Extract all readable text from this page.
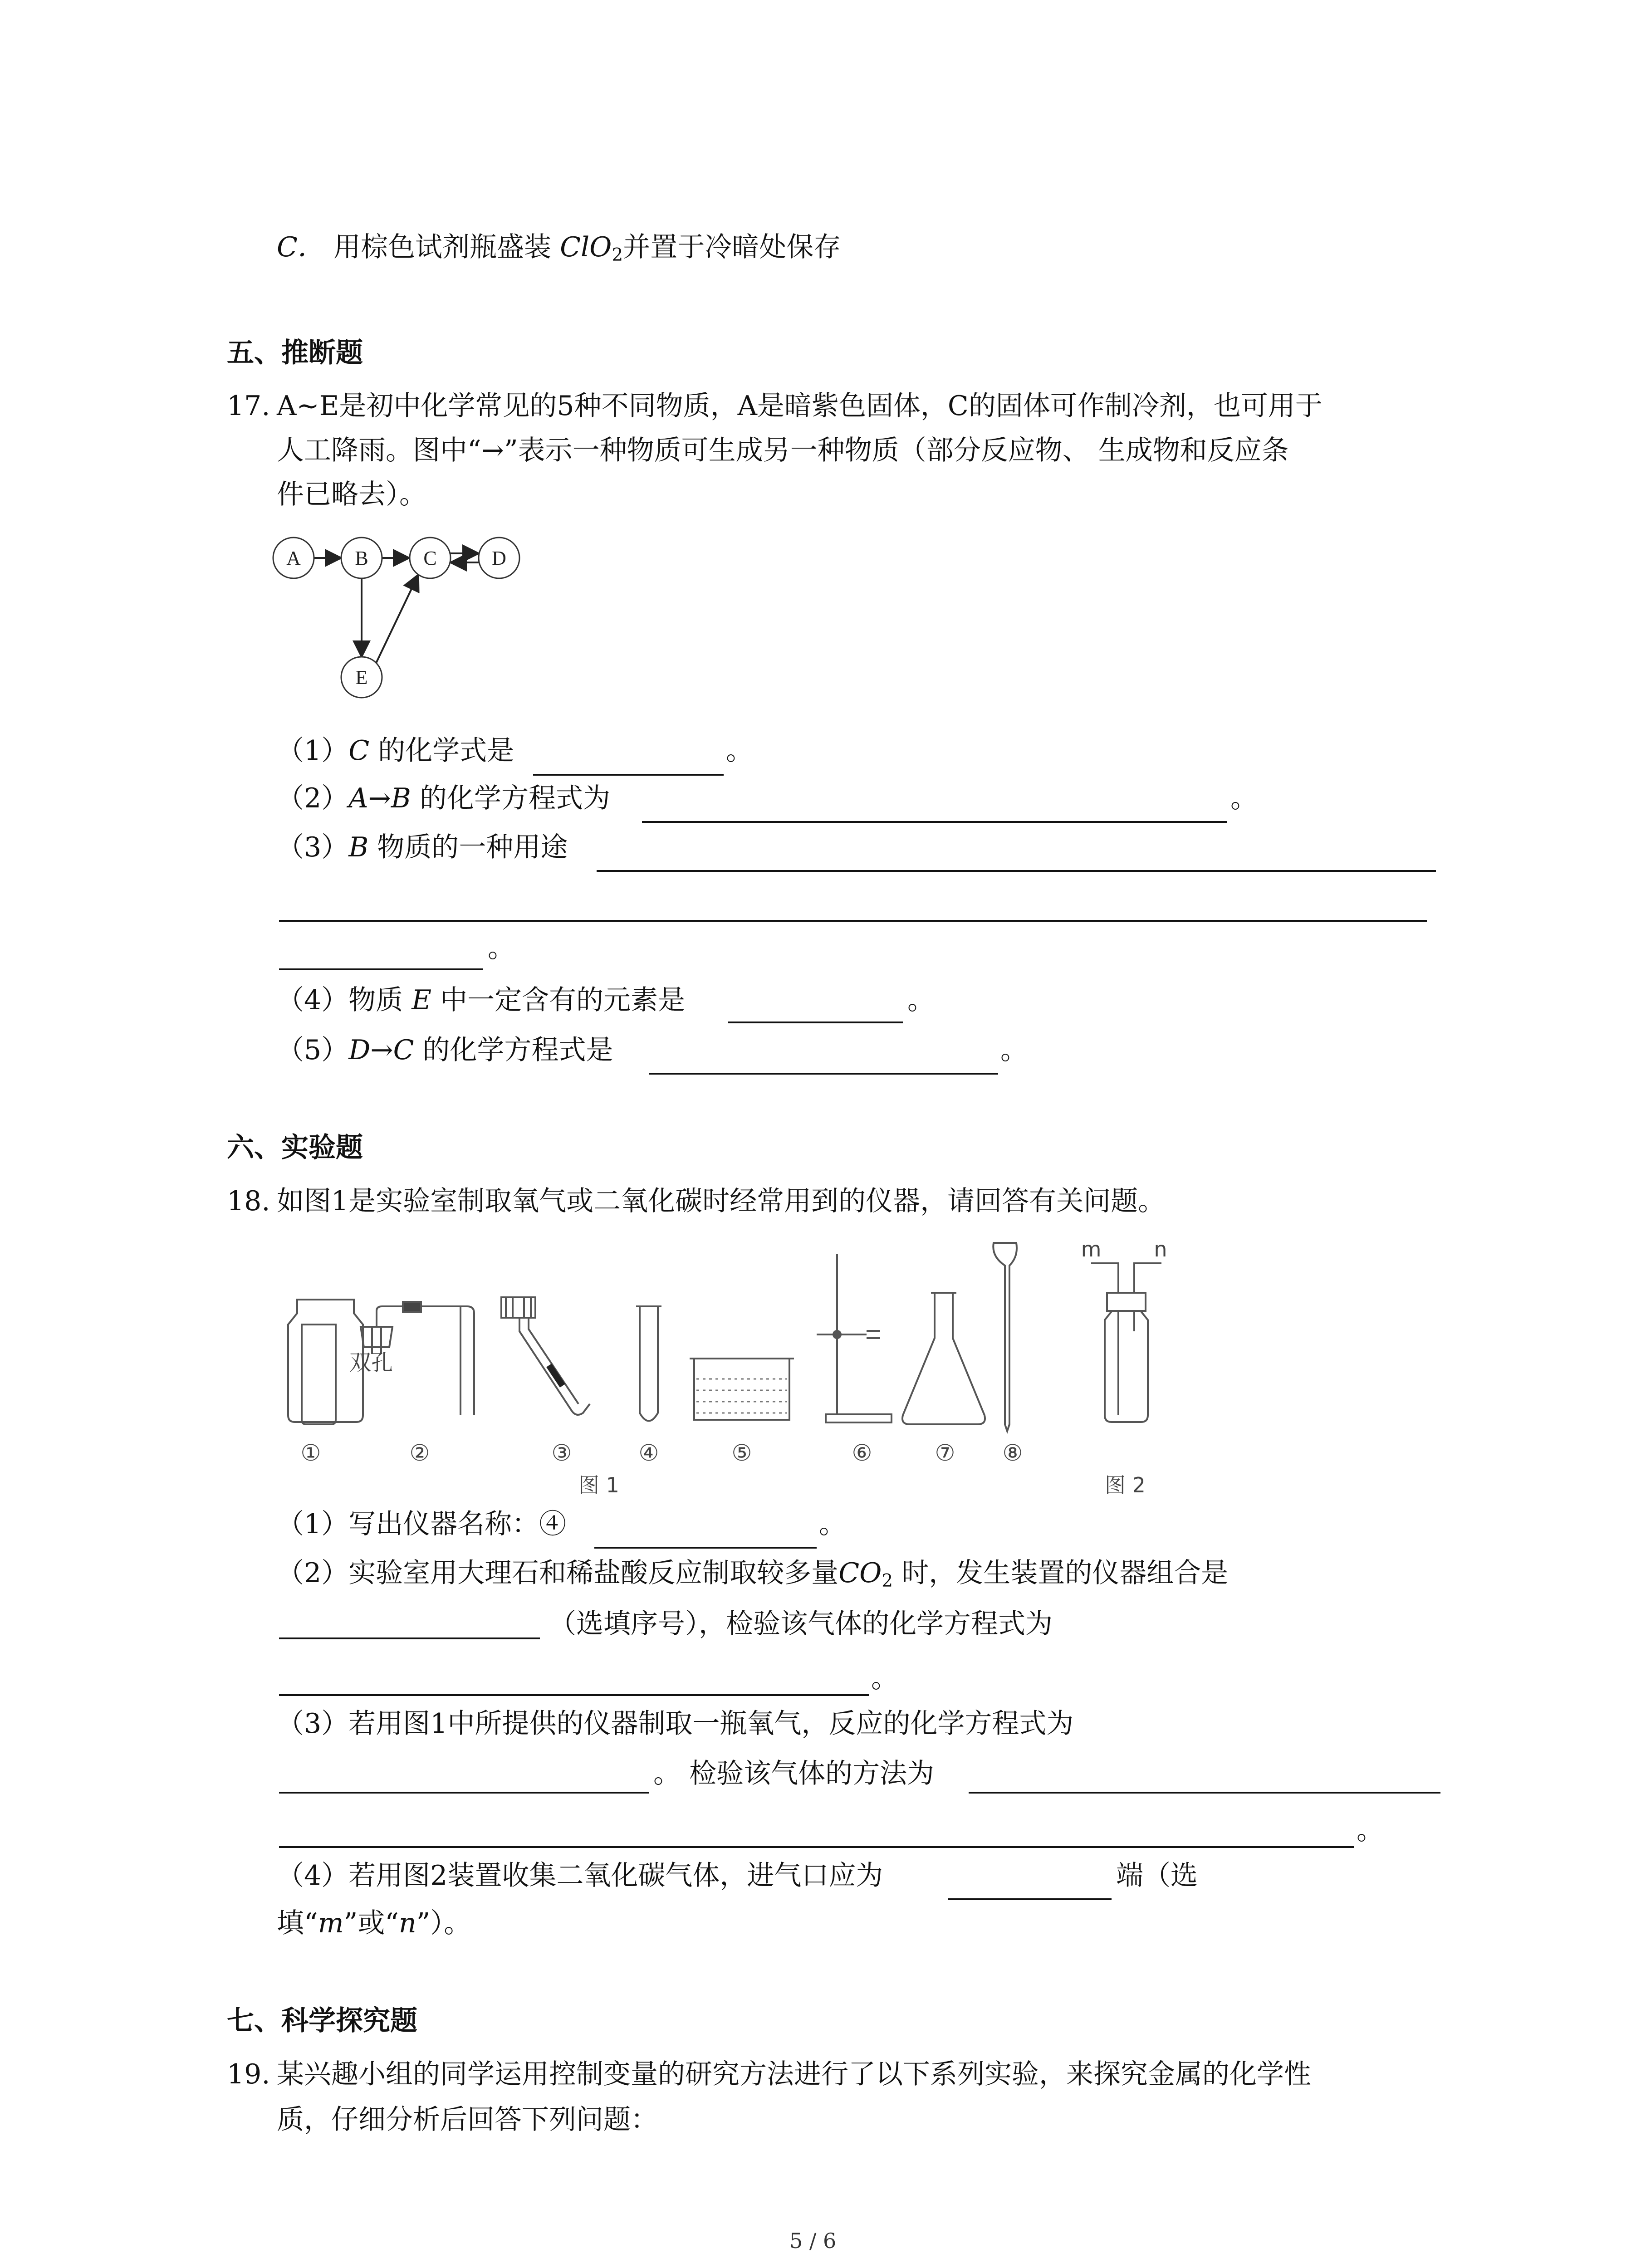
C． 用棕色试剂瓶盛装 ClO$_2$并置于冷暗处保存
五、推断题
17. A~E是初中化学常见的5种不同物质，A是暗紫色固体，C的固体可作制冷剂，也可用于
人工降雨。图中“→”表示一种物质可生成另一种物质（部分反应物、 生成物和反应条
件已略去）。
A	B	C	D
E
（1）C 的化学式是	。
（2）A→B 的化学方程式为	。
（3）B 物质的一种用途
。
（4）物质 E 中一定含有的元素是	。
（5）D→C 的化学方程式是	。
六、实验题
18. 如图1是实验室制取氧气或二氧化碳时经常用到的仪器，请回答有关问题。
双孔
①	②	③	④	⑤	⑥	⑦ ⑧
图 1	图 2
m	n
（1）写出仪器名称：④	。
（2）实验室用大理石和稀盐酸反应制取较多量$CO_2$ 时，发生装置的仪器组合是
（选填序号），检验该气体的化学方程式为
。
（3）若用图1中所提供的仪器制取一瓶氧气，反应的化学方程式为
。 检验该气体的方法为
。
（4）若用图2装置收集二氧化碳气体，进气口应为	端（选
填“m”或“n”）。
七、科学探究题
19. 某兴趣小组的同学运用控制变量的研究方法进行了以下系列实验，来探究金属的化学性
质，仔细分析后回答下列问题：
5 / 6
